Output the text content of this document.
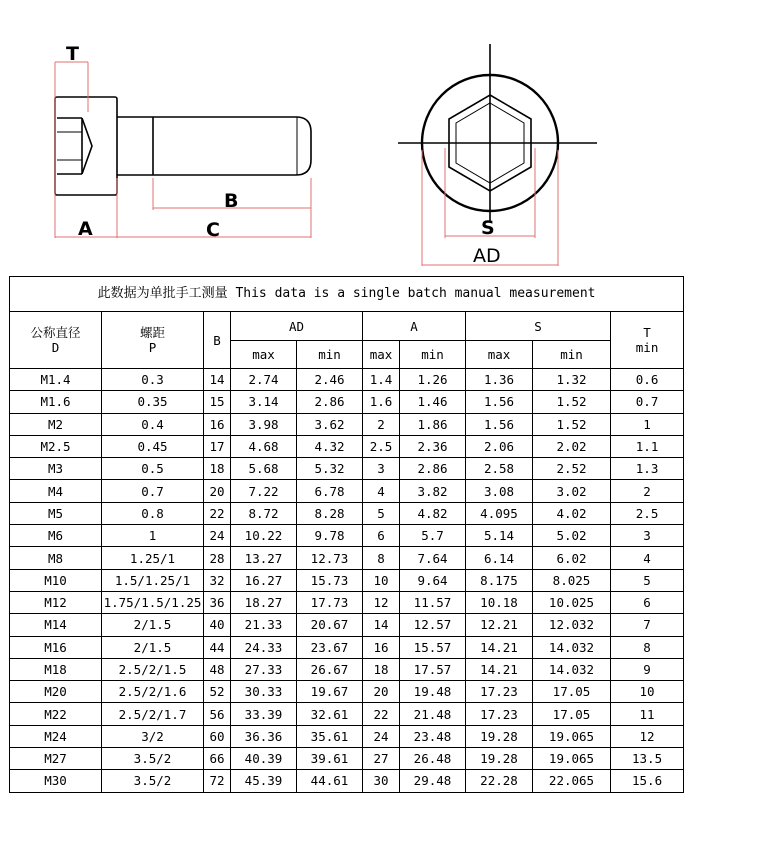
T
A
B
C	S
AD
此数据为单批手工测量 This data is a single batch manual measurement									

公称直径
D	螺距
P	B	AD		A		S		T
min

			max	min	max	min	max	min	
M1.4	0.3	14	2.74	2.46	1.4	1.26	1.36	1.32	0.6
M1.6	0.35	15	3.14	2.86	1.6	1.46	1.56	1.52	0.7
M2	0.4	16	3.98	3.62	2	1.86	1.56	1.52	1
M2.5	0.45	17	4.68	4.32	2.5	2.36	2.06	2.02	1.1
M3	0.5	18	5.68	5.32	3	2.86	2.58	2.52	1.3
M4	0.7	20	7.22	6.78	4	3.82	3.08	3.02	2
M5	0.8	22	8.72	8.28	5	4.82	4.095	4.02	2.5
M6	1	24	10.22	9.78	6	5.7	5.14	5.02	3
M8	1.25/1	28	13.27	12.73	8	7.64	6.14	6.02	4
M10	1.5/1.25/1	32	16.27	15.73	10	9.64	8.175	8.025	5
M12	1.75/1.5/1.25	36	18.27	17.73	12	11.57	10.18	10.025	6
M14	2/1.5	40	21.33	20.67	14	12.57	12.21	12.032	7
M16	2/1.5	44	24.33	23.67	16	15.57	14.21	14.032	8
M18	2.5/2/1.5	48	27.33	26.67	18	17.57	14.21	14.032	9
M20	2.5/2/1.6	52	30.33	19.67	20	19.48	17.23	17.05	10
M22	2.5/2/1.7	56	33.39	32.61	22	21.48	17.23	17.05	11
M24	3/2	60	36.36	35.61	24	23.48	19.28	19.065	12
M27	3.5/2	66	40.39	39.61	27	26.48	19.28	19.065	13.5
M30	3.5/2	72	45.39	44.61	30	29.48	22.28	22.065	15.6
